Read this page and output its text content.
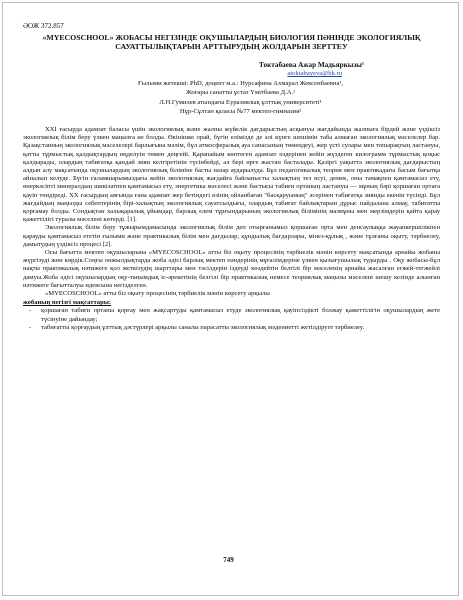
ӘОЖ 372.857
«MYECOSCHOOL» ЖОБАСЫ НЕГІЗІНДЕ ОҚУШЫЛАРДЫҢ БИОЛОГИЯ ПӘНІНДЕ ЭКОЛОГИЯЛЫҚ САУАТТЫЛЫҚТАРЫН АРТТЫРУДЫҢ ЖОЛДАРЫН ЗЕРТТЕУ
Токтабаева Ажар Мадьяркызы¹
atoktabayeva@bk.ru
Ғылыми жетекші: PhD, доцент м.а.: Нурсафина Ахмарал Жексенбаевна¹,
Жоғары санатты ұстаз Үмітбаева Д.А.²
Л.Н.Гумилев атындағы Еуразиялық ұлттық университеті¹
Нұр-Сұлтан қаласы №77 мектеп-гимназия²

XXI ғасырда адамзат баласы үшін экологиялық және жалпы жүйелік дағдарыстың асқынуы жағдайында жалпыға бірдей және үздіксіз экологиялық білім беру үлкен маңызға ие болды. Өкінішке орай, бүгін еліміздe де әлі күнге шешімін таба алмаған экологиялық мәселелер бар. Қазақстанның экологиялық мәселелері барлығына мәлім, бұл атмосфералық ауа сапасының төмендеуі, жер үсті сулары мен топырақтың ластануы, қатты тұрмыстық қалдықтардың өңделуін төмен деңгейі. Қарапайым көптеген адамзат өздерінен кейін жүздеген килограмм тұрмыстық қоқыс қалдырады, олардың табиғатқа қандай зиян келтіретінін түсінбейді, ал бері өрге жастан басталады. Қазіргі уақытта экологиялық дағдарыстың алдын алу мақсатында оқушылардың экологиялық біліміне басты назар аударылуда. Бұл педагогикалық теория мен практикадағы басым бағытқа айналып келуде. Бүгін ғаламшарымыздағы кейін экологиялық жағдайға байланысты халықтың тез өсуі, демек, оны тамақпен қамтамасыз ету, өнеркәсіпті минералдың шикізатпен қамтамасыз ету, энергетика мәселесі және бастысы табиғи ортаның ластануы — мұның бәрі қоршаған ортаға қауіп төндіреді. XX ғасырдың аяғында ғана адамзат жер бетіндегі өзінің ойланбаған "басқаруының" әсерінен табиғатқа зиянды екенін түсінді. Бұл жағдайдың маңызды себептерінің бірі-халықтың экологиялық сауатсыздығы, олардың табиғат байлықтарын дұрыс пайдалана алмау, табиғатты қорғамау болды. Сондықтан халықаралық ұйымдар, барлық елем тұрғындарының экологиялық білімінің мазмұны мен мерзімдерін қайта қарау қажеттілігі туралы мәселені көтерді. [1].

Экологиялық білім беру тұжырымдамасында экологиялық білім деп отырғанымыз қоршаған орта мен денсаулыққа жауапкершілікпен қарауды қамтамасыз ететін ғылыми және практикалық білім мен дағдылар, құндылық бағдарлары, мінез-құлық , және тұлғаны оқыту, тәрбиелеу, дамытудың үздіксіз процесі [2].

Осы бағытта мектеп оқушыларына «MYECOSCHOOL» атты біз оқыту процесінің тәрбиелік мәнін көрсету мақсатында арнайы жобаны жүргізуді жөн көрдік.Соңғы онжылдықтарда жоба әдісі барлық мектеп пәндерінің мұғалімдеріне үлкен қызығушылық тудырды . Оқу жобасы-бұл нақты практикалық нәтижеге қол жеткізудің шарттары мен тәсілдерін іздеуді көздейтін белгілі бір мәселенің арнайы жасалған егжей-тегжейлі дамуы.Жоба әдісі оқушылардың оқу-танымдық іс-әрекетінің белгілі бір практикалық немесе теориялық маңызы мәселені шешу кезінде алынған нәтижеге бағытталуы идеясына негізделген.

«MYECOSCHOOL» атты біз оқыту процесінің тәрбиелік мәнін көрсету арқылы

жобаның негізгі мақсаттары:
- қоршаған табиғи ортаны қорғау мен жақсартуды қамтамасыз етуде экологиялық қауіпсіздікті болжау қажеттілігін оқушылардың жете түсінуіне дайындау;
- табиғатты қорғаудың ұлттық дәстүрлері арқылы саналы парасатты экологиялық мәдениетті жетілдіруге тәрбиелеу.
749
